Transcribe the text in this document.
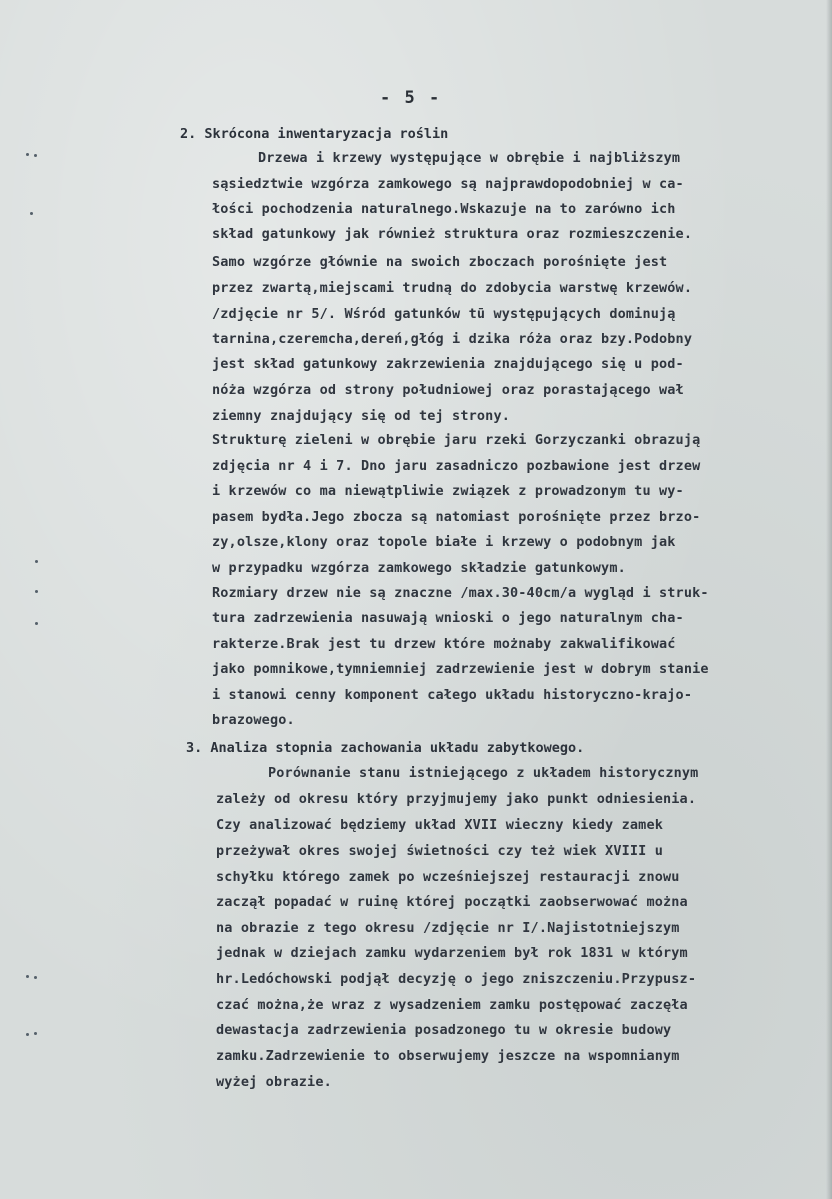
- 5 -
2. Skrócona inwentaryzacja roślin
Drzewa i krzewy występujące w obrębie i najbliższym
sąsiedztwie wzgórza zamkowego są najprawdopodobniej w ca-
łości pochodzenia naturalnego.Wskazuje na to zarówno ich
skład gatunkowy jak również struktura oraz rozmieszczenie.
Samo wzgórze głównie na swoich zboczach porośnięte jest
przez zwartą,miejscami trudną do zdobycia warstwę krzewów.
/zdjęcie nr 5/. Wśród gatunków tū występujących dominują
tarnina,czeremcha,dereń,głóg i dzika róża oraz bzy.Podobny
jest skład gatunkowy zakrzewienia znajdującego się u pod-
nóża wzgórza od strony południowej oraz porastającego wał
ziemny znajdujący się od tej strony.
Strukturę zieleni w obrębie jaru rzeki Gorzyczanki obrazują
zdjęcia nr 4 i 7. Dno jaru zasadniczo pozbawione jest drzew
i krzewów co ma niewątpliwie związek z prowadzonym tu wy-
pasem bydła.Jego zbocza są natomiast porośnięte przez brzo-
zy,olsze,klony oraz topole białe i krzewy o podobnym jak
w przypadku wzgórza zamkowego składzie gatunkowym.
Rozmiary drzew nie są znaczne /max.30-40cm/a wygląd i struk-
tura zadrzewienia nasuwają wnioski o jego naturalnym cha-
rakterze.Brak jest tu drzew które możnaby zakwalifikować
jako pomnikowe,tymniemniej zadrzewienie jest w dobrym stanie
i stanowi cenny komponent całego układu historyczno-krajo-
brazowego.
3. Analiza stopnia zachowania układu zabytkowego.
Porównanie stanu istniejącego z układem historycznym
zależy od okresu który przyjmujemy jako punkt odniesienia.
Czy analizować będziemy układ XVII wieczny kiedy zamek
przeżywał okres swojej świetności czy też wiek XVIII u
schyłku którego zamek po wcześniejszej restauracji znowu
zaczął popadać w ruinę której początki zaobserwować można
na obrazie z tego okresu /zdjęcie nr I/.Najistotniejszym
jednak w dziejach zamku wydarzeniem był rok 1831 w którym
hr.Ledóchowski podjął decyzję o jego zniszczeniu.Przypusz-
czać można,że wraz z wysadzeniem zamku postępować zaczęła
dewastacja zadrzewienia posadzonego tu w okresie budowy
zamku.Zadrzewienie to obserwujemy jeszcze na wspomnianym
wyżej obrazie.
